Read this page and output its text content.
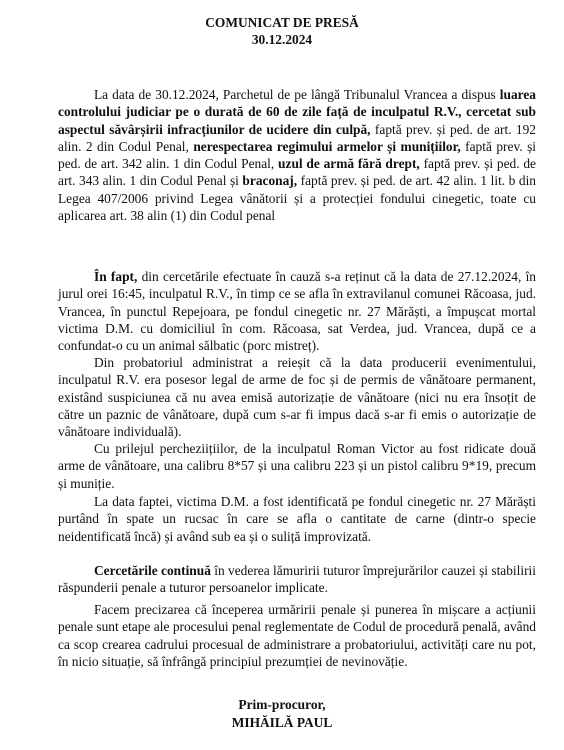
COMUNICAT DE PRESĂ
30.12.2024

La data de 30.12.2024, Parchetul de pe lângă Tribunalul Vrancea a dispus luarea controlului judiciar pe o durată de 60 de zile față de inculpatul R.V., cercetat sub aspectul săvârșirii infracțiunilor de ucidere din culpă, faptă prev. și ped. de art. 192 alin. 2 din Codul Penal, nerespectarea regimului armelor și munițiilor, faptă prev. și ped. de art. 342 alin. 1 din Codul Penal, uzul de armă fără drept, faptă prev. și ped. de art. 343 alin. 1 din Codul Penal și braconaj, faptă prev. și ped. de art. 42 alin. 1 lit. b din Legea 407/2006 privind Legea vânătorii și a protecției fondului cinegetic, toate cu aplicarea art. 38 alin (1) din Codul penal

În fapt, din cercetările efectuate în cauză s-a reținut că la data de 27.12.2024, în jurul orei 16:45, inculpatul R.V., în timp ce se afla în extravilanul comunei Răcoasa, jud. Vrancea, în punctul Repejoara, pe fondul cinegetic nr. 27 Mărăști, a împușcat mortal victima D.M. cu domiciliul în com. Răcoasa, sat Verdea, jud. Vrancea, după ce a confundat-o cu un animal sălbatic (porc mistreț).

Din probatoriul administrat a reieșit că la data producerii evenimentului, inculpatul R.V. era posesor legal de arme de foc și de permis de vânătoare permanent, existând suspiciunea că nu avea emisă autorizație de vânătoare (nici nu era însoțit de către un paznic de vânătoare, după cum s-ar fi impus dacă s-ar fi emis o autorizație de vânătoare individuală).

Cu prilejul percheziițiilor, de la inculpatul Roman Victor au fost ridicate două arme de vânătoare, una calibru 8*57 și una calibru 223 și un pistol calibru 9*19, precum și muniție.

La data faptei, victima D.M. a fost identificată pe fondul cinegetic nr. 27 Mărăști purtând în spate un rucsac în care se afla o cantitate de carne (dintr-o specie neidentificată încă) și având sub ea și o suliță improvizată.

Cercetările continuă în vederea lămuririi tuturor împrejurărilor cauzei și stabilirii răspunderii penale a tuturor persoanelor implicate.

Facem precizarea că începerea urmăririi penale și punerea în mișcare a acțiunii penale sunt etape ale procesului penal reglementate de Codul de procedură penală, având ca scop crearea cadrului procesual de administrare a probatoriului, activități care nu pot, în nicio situație, să înfrângă principiul prezumției de nevinovăție.

Prim-procuror,
MIHĂILĂ PAUL
